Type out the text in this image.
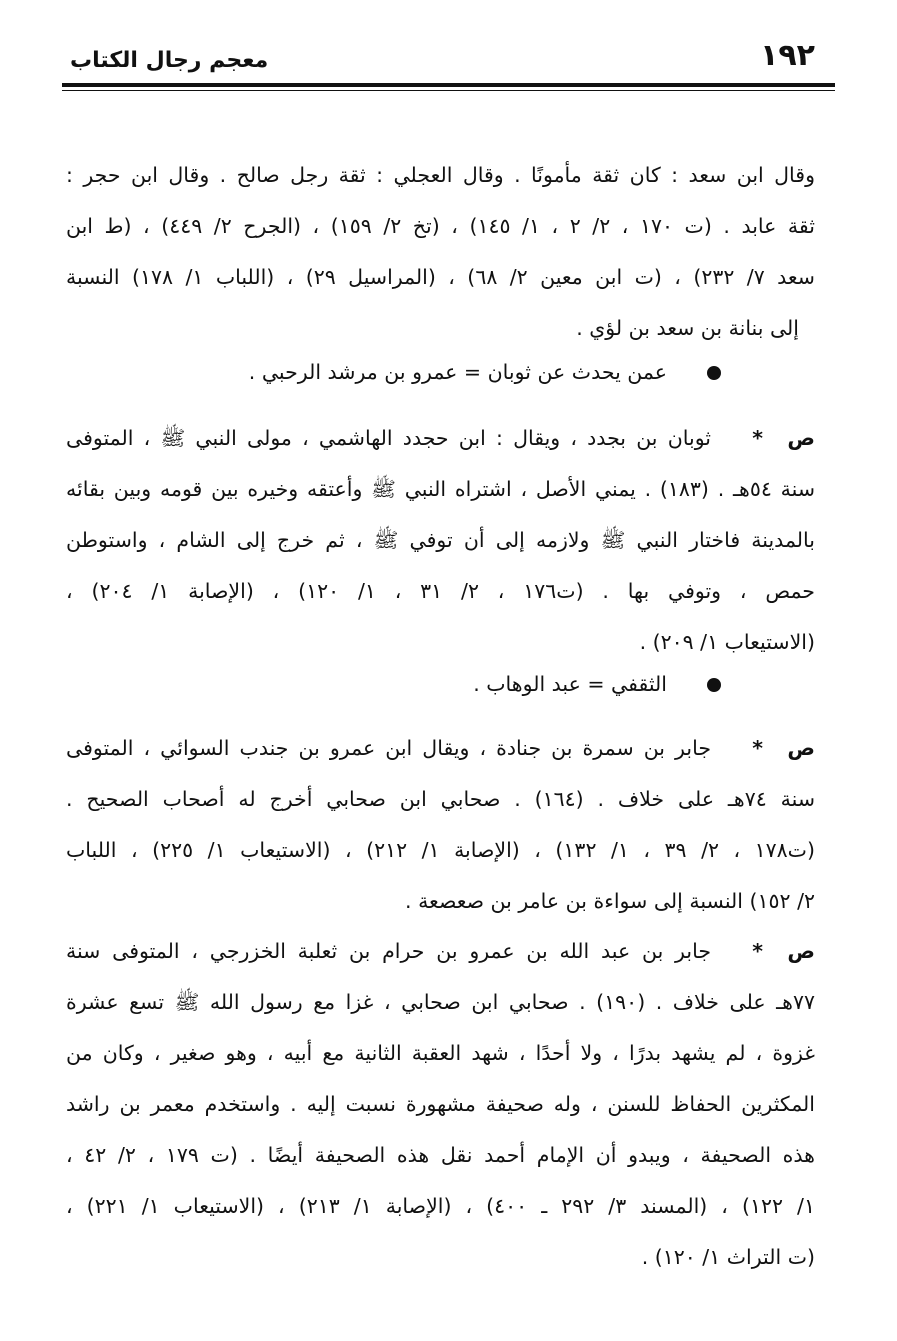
١٩٢
معجم رجال الكتاب
وقال ابن سعد : كان ثقة مأمونًا . وقال العجلي : ثقة رجل صالح . وقال ابن حجر :
ثقة عابد . (ت ١٧٠ ، ٢/ ٢ ، ١/ ١٤٥) ، (تخ ٢/ ١٥٩) ، (الجرح ٢/ ٤٤٩) ، (ط ابن
سعد ٧/ ٢٣٢) ، (ت ابن معين ٢/ ٦٨) ، (المراسيل ٢٩) ، (اللباب ١/ ١٧٨) النسبة
إلى بنانة بن سعد بن لؤي .
عمن يحدث عن ثوبان = عمرو بن مرشد الرحبي .
ص*ثوبان بن بجدد ، ويقال : ابن حجدد الهاشمي ، مولى النبي ﷺ ، المتوفى
سنة ٥٤هـ . (١٨٣) . يمني الأصل ، اشتراه النبي ﷺ وأعتقه وخيره بين قومه وبين بقائه
بالمدينة فاختار النبي ﷺ ولازمه إلى أن توفي ﷺ ، ثم خرج إلى الشام ، واستوطن
حمص ، وتوفي بها . (ت١٧٦ ، ٢/ ٣١ ، ١/ ١٢٠) ، (الإصابة ١/ ٢٠٤) ،
(الاستيعاب ١/ ٢٠٩) .
الثقفي = عبد الوهاب .
ص*جابر بن سمرة بن جنادة ، ويقال ابن عمرو بن جندب السوائي ، المتوفى
سنة ٧٤هـ على خلاف . (١٦٤) . صحابي ابن صحابي أخرج له أصحاب الصحيح .
(ت١٧٨ ، ٢/ ٣٩ ، ١/ ١٣٢) ، (الإصابة ١/ ٢١٢) ، (الاستيعاب ١/ ٢٢٥) ، اللباب
٢/ ١٥٢) النسبة إلى سواءة بن عامر بن صعصعة .
ص*جابر بن عبد الله بن عمرو بن حرام بن ثعلبة الخزرجي ، المتوفى سنة
٧٧هـ على خلاف . (١٩٠) . صحابي ابن صحابي ، غزا مع رسول الله ﷺ تسع عشرة
غزوة ، لم يشهد بدرًا ، ولا أحدًا ، شهد العقبة الثانية مع أبيه ، وهو صغير ، وكان من
المكثرين الحفاظ للسنن ، وله صحيفة مشهورة نسبت إليه . واستخدم معمر بن راشد
هذه الصحيفة ، ويبدو أن الإمام أحمد نقل هذه الصحيفة أيضًا . (ت ١٧٩ ، ٢/ ٤٢ ،
١/ ١٢٢) ، (المسند ٣/ ٢٩٢ ـ ٤٠٠) ، (الإصابة ١/ ٢١٣) ، (الاستيعاب ١/ ٢٢١) ،
(ت التراث ١/ ١٢٠) .
